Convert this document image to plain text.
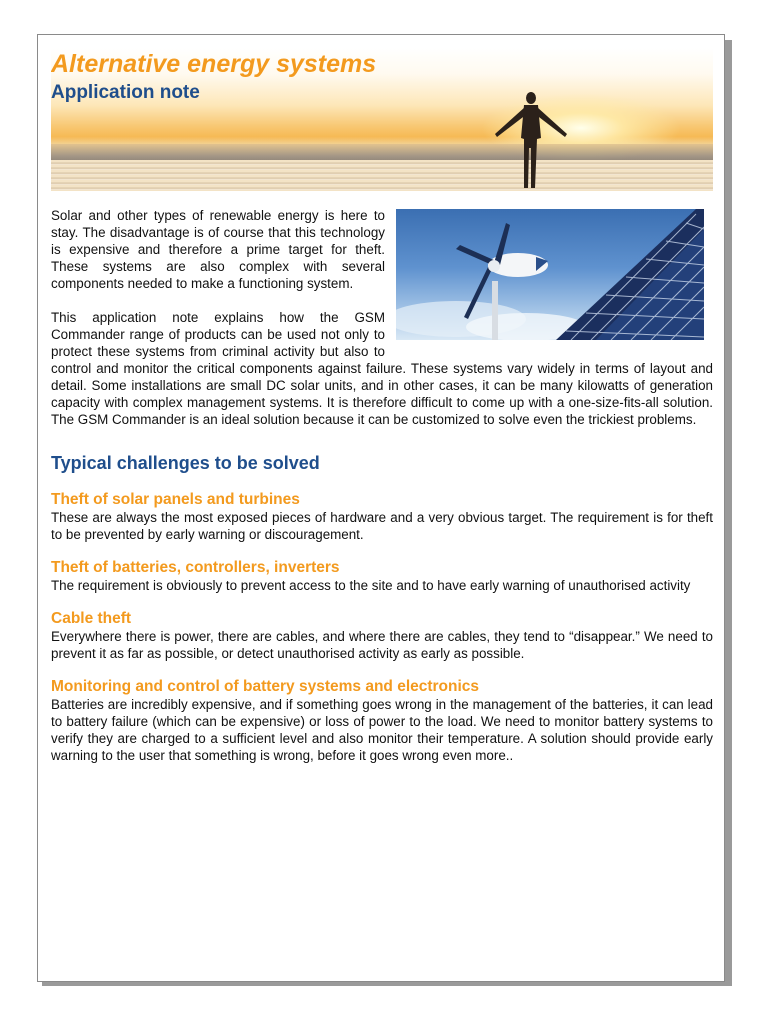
Alternative energy systems
Application note

Solar and other types of renewable energy is here to stay. The disadvantage is of course that this technology is expensive and therefore a prime target for theft. These systems are also complex with several components needed to make a functioning system.

This application note explains how the GSM Commander range of products can be used not only to protect these systems from criminal activity but also to control and monitor the critical components against failure. These systems vary widely in terms of layout and detail. Some installations are small DC solar units, and in other cases, it can be many kilowatts of generation capacity with complex management systems. It is therefore difficult to come up with a one-size-fits-all solution. The GSM Commander is an ideal solution because it can be customized to solve even the trickiest problems.

Typical challenges to be solved
Theft of solar panels and turbines

These are always the most exposed pieces of hardware and a very obvious target. The requirement is for theft to be prevented by early warning or discouragement.

Theft of batteries, controllers, inverters

The requirement is obviously to prevent access to the site and to have early warning of unauthorised activity

Cable theft

Everywhere there is power, there are cables, and where there are cables, they tend to “disappear.” We need to prevent it as far as possible, or detect unauthorised activity as early as possible.

Monitoring and control of battery systems and electronics

Batteries are incredibly expensive, and if something goes wrong in the management of the batteries, it can lead to battery failure (which can be expensive) or loss of power to the load. We need to monitor battery systems to verify they are charged to a sufficient level and also monitor their temperature. A solution should provide early warning to the user that something is wrong, before it goes wrong even more..
